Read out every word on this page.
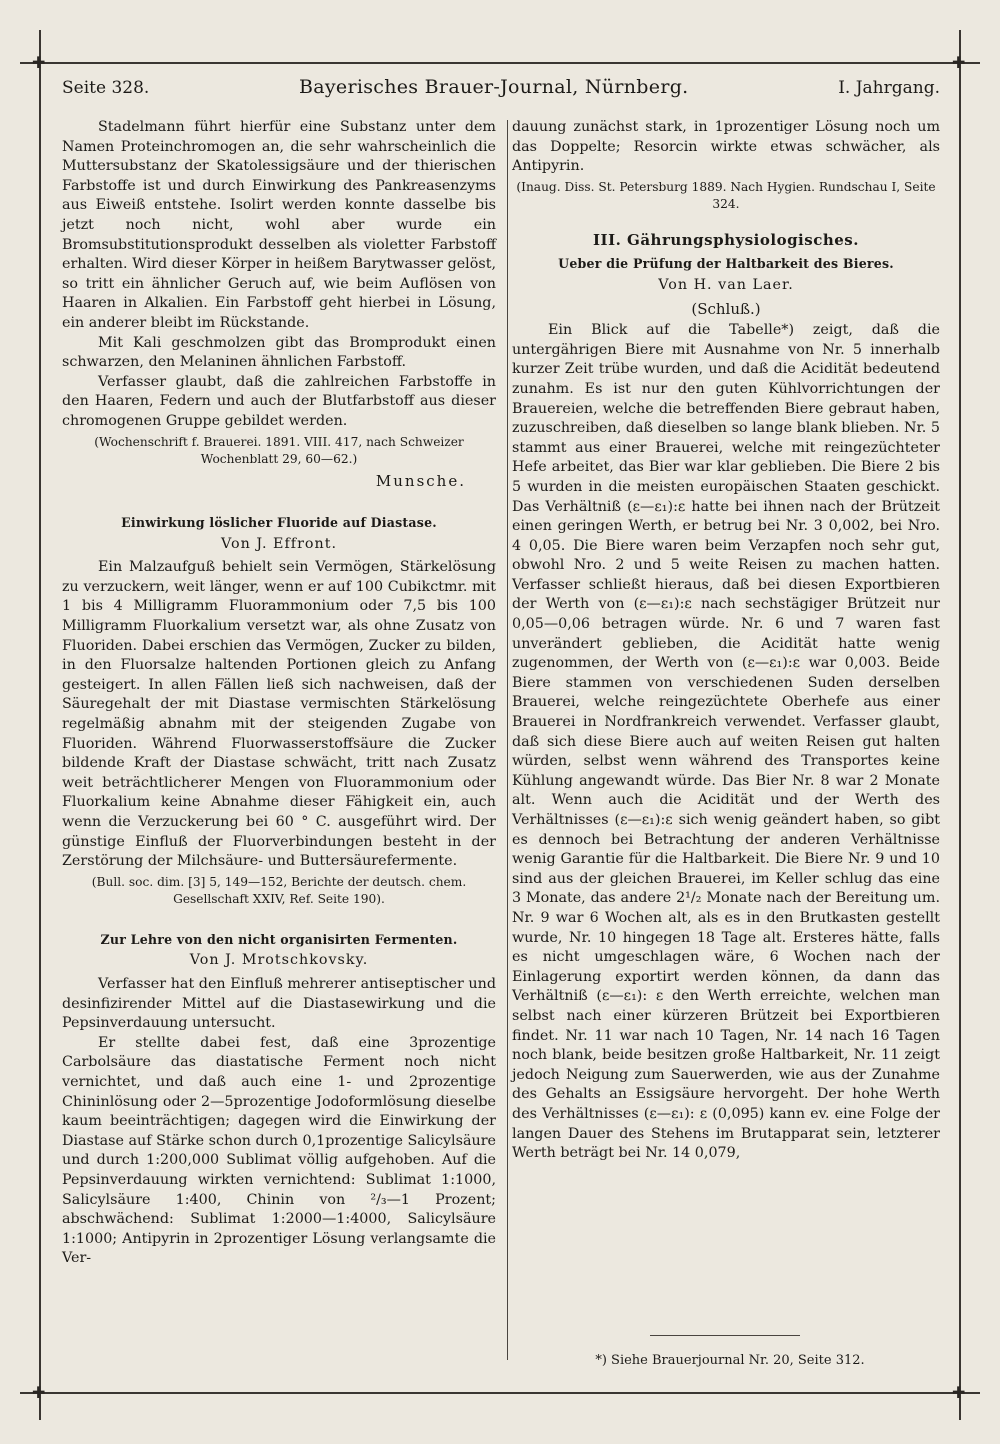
✚	✚
✚	✚
Seite 328.	Bayerisches Brauer-Journal, Nürnberg.	I. Jahrgang.

Stadelmann führt hierfür eine Substanz unter dem Namen Proteinchromogen an, die sehr wahrscheinlich die Muttersubstanz der Skatolessigsäure und der thierischen Farbstoffe ist und durch Einwirkung des Pankreasenzyms aus Eiweiß entstehe. Isolirt werden konnte dasselbe bis jetzt noch nicht, wohl aber wurde ein Bromsubstitutionsprodukt desselben als violetter Farbstoff erhalten. Wird dieser Körper in heißem Barytwasser gelöst, so tritt ein ähnlicher Geruch auf, wie beim Auflösen von Haaren in Alkalien. Ein Farbstoff geht hierbei in Lösung, ein anderer bleibt im Rückstande.

Mit Kali geschmolzen gibt das Bromprodukt einen schwarzen, den Melaninen ähnlichen Farbstoff.

Verfasser glaubt, daß die zahlreichen Farbstoffe in den Haaren, Federn und auch der Blutfarbstoff aus dieser chromogenen Gruppe gebildet werden.

(Wochenschrift f. Brauerei. 1891. VIII. 417, nach Schweizer Wochenblatt 29, 60—62.)

Munsche.

Einwirkung löslicher Fluoride auf Diastase.

Von J. Effront.

Ein Malzaufguß behielt sein Vermögen, Stärkelösung zu verzuckern, weit länger, wenn er auf 100 Cubikctmr. mit 1 bis 4 Milligramm Fluorammonium oder 7,5 bis 100 Milligramm Fluorkalium versetzt war, als ohne Zusatz von Fluoriden. Dabei erschien das Vermögen, Zucker zu bilden, in den Fluorsalze haltenden Portionen gleich zu Anfang gesteigert. In allen Fällen ließ sich nachweisen, daß der Säuregehalt der mit Diastase vermischten Stärkelösung regelmäßig abnahm mit der steigenden Zugabe von Fluoriden. Während Fluorwasserstoffsäure die Zucker bildende Kraft der Diastase schwächt, tritt nach Zusatz weit beträchtlicherer Mengen von Fluorammonium oder Fluorkalium keine Abnahme dieser Fähigkeit ein, auch wenn die Verzuckerung bei 60 ° C. ausgeführt wird. Der günstige Einfluß der Fluorverbindungen besteht in der Zerstörung der Milchsäure- und Buttersäurefermente.

(Bull. soc. dim. [3] 5, 149—152, Berichte der deutsch. chem. Gesellschaft XXIV, Ref. Seite 190).

Zur Lehre von den nicht organisirten Fermenten.

Von J. Mrotschkovsky.

Verfasser hat den Einfluß mehrerer antiseptischer und desinfizirender Mittel auf die Diastasewirkung und die Pepsinverdauung untersucht.

Er stellte dabei fest, daß eine 3prozentige Carbolsäure das diastatische Ferment noch nicht vernichtet, und daß auch eine 1- und 2prozentige Chininlösung oder 2—5prozentige Jodoformlösung dieselbe kaum beeinträchtigen; dagegen wird die Einwirkung der Diastase auf Stärke schon durch 0,1prozentige Salicylsäure und durch 1:200,000 Sublimat völlig aufgehoben. Auf die Pepsinverdauung wirkten vernichtend: Sublimat 1:1000, Salicylsäure 1:400, Chinin von ²/₃—1 Prozent; abschwächend: Sublimat 1:2000—1:4000, Salicylsäure 1:1000; Antipyrin in 2prozentiger Lösung verlangsamte die Ver-

dauung zunächst stark, in 1prozentiger Lösung noch um das Doppelte; Resorcin wirkte etwas schwächer, als Antipyrin.

(Inaug. Diss. St. Petersburg 1889. Nach Hygien. Rundschau I, Seite 324.

III. Gährungsphysiologisches.
Ueber die Prüfung der Haltbarkeit des Bieres.

Von H. van Laer.

(Schluß.)

Ein Blick auf die Tabelle*) zeigt, daß die untergährigen Biere mit Ausnahme von Nr. 5 innerhalb kurzer Zeit trübe wurden, und daß die Acidität bedeutend zunahm. Es ist nur den guten Kühlvorrichtungen der Brauereien, welche die betreffenden Biere gebraut haben, zuzuschreiben, daß dieselben so lange blank blieben. Nr. 5 stammt aus einer Brauerei, welche mit reingezüchteter Hefe arbeitet, das Bier war klar geblieben. Die Biere 2 bis 5 wurden in die meisten europäischen Staaten geschickt. Das Verhältniß (ε—ε₁):ε hatte bei ihnen nach der Brützeit einen geringen Werth, er betrug bei Nr. 3 0,002, bei Nro. 4 0,05. Die Biere waren beim Verzapfen noch sehr gut, obwohl Nro. 2 und 5 weite Reisen zu machen hatten. Verfasser schließt hieraus, daß bei diesen Exportbieren der Werth von (ε—ε₁):ε nach sechstägiger Brützeit nur 0,05—0,06 betragen würde. Nr. 6 und 7 waren fast unverändert geblieben, die Acidität hatte wenig zugenommen, der Werth von (ε—ε₁):ε war 0,003. Beide Biere stammen von verschiedenen Suden derselben Brauerei, welche reingezüchtete Oberhefe aus einer Brauerei in Nordfrankreich verwendet. Verfasser glaubt, daß sich diese Biere auch auf weiten Reisen gut halten würden, selbst wenn während des Transportes keine Kühlung angewandt würde. Das Bier Nr. 8 war 2 Monate alt. Wenn auch die Acidität und der Werth des Verhältnisses (ε—ε₁):ε sich wenig geändert haben, so gibt es dennoch bei Betrachtung der anderen Verhältnisse wenig Garantie für die Haltbarkeit. Die Biere Nr. 9 und 10 sind aus der gleichen Brauerei, im Keller schlug das eine 3 Monate, das andere 2¹/₂ Monate nach der Bereitung um. Nr. 9 war 6 Wochen alt, als es in den Brutkasten gestellt wurde, Nr. 10 hingegen 18 Tage alt. Ersteres hätte, falls es nicht umgeschlagen wäre, 6 Wochen nach der Einlagerung exportirt werden können, da dann das Verhältniß (ε—ε₁): ε den Werth erreichte, welchen man selbst nach einer kürzeren Brützeit bei Exportbieren findet. Nr. 11 war nach 10 Tagen, Nr. 14 nach 16 Tagen noch blank, beide besitzen große Haltbarkeit, Nr. 11 zeigt jedoch Neigung zum Sauerwerden, wie aus der Zunahme des Gehalts an Essigsäure hervorgeht. Der hohe Werth des Verhältnisses (ε—ε₁): ε (0,095) kann ev. eine Folge der langen Dauer des Stehens im Brutapparat sein, letzterer Werth beträgt bei Nr. 14 0,079,

*) Siehe Brauerjournal Nr. 20, Seite 312.
